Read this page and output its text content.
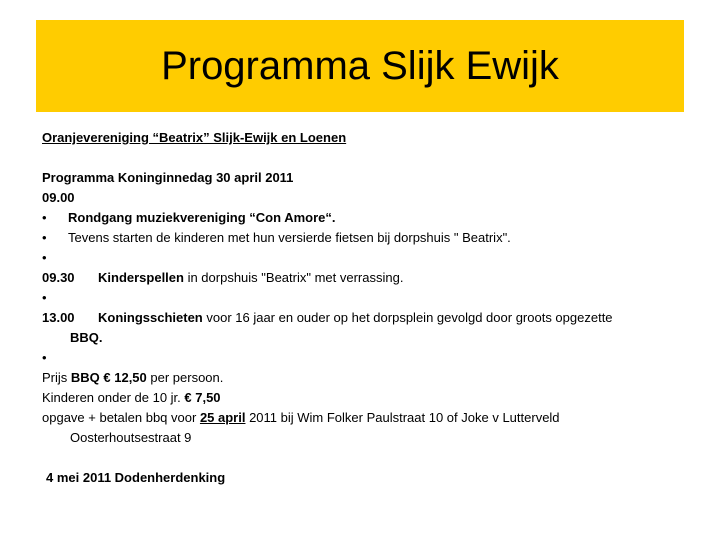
Programma Slijk Ewijk
Oranjevereniging “Beatrix” Slijk-Ewijk en Loenen
Programma Koninginnedag 30 april 2011
09.00
• Rondgang muziekvereniging “Con Amore“.
• Tevens starten de kinderen met hun versierde fietsen bij dorpshuis " Beatrix".
•
09.30 Kinderspellen in dorpshuis "Beatrix" met verrassing.
•
13.00 Koningsschieten voor 16 jaar en ouder op het dorpsplein gevolgd door groots opgezette
BBQ.
•
Prijs BBQ € 12,50 per persoon.
Kinderen onder de 10 jr. € 7,50
opgave + betalen bbq voor 25 april 2011 bij Wim Folker Paulstraat 10 of Joke v Lutterveld
Oosterhoutsestraat 9
4 mei 2011 Dodenherdenking
